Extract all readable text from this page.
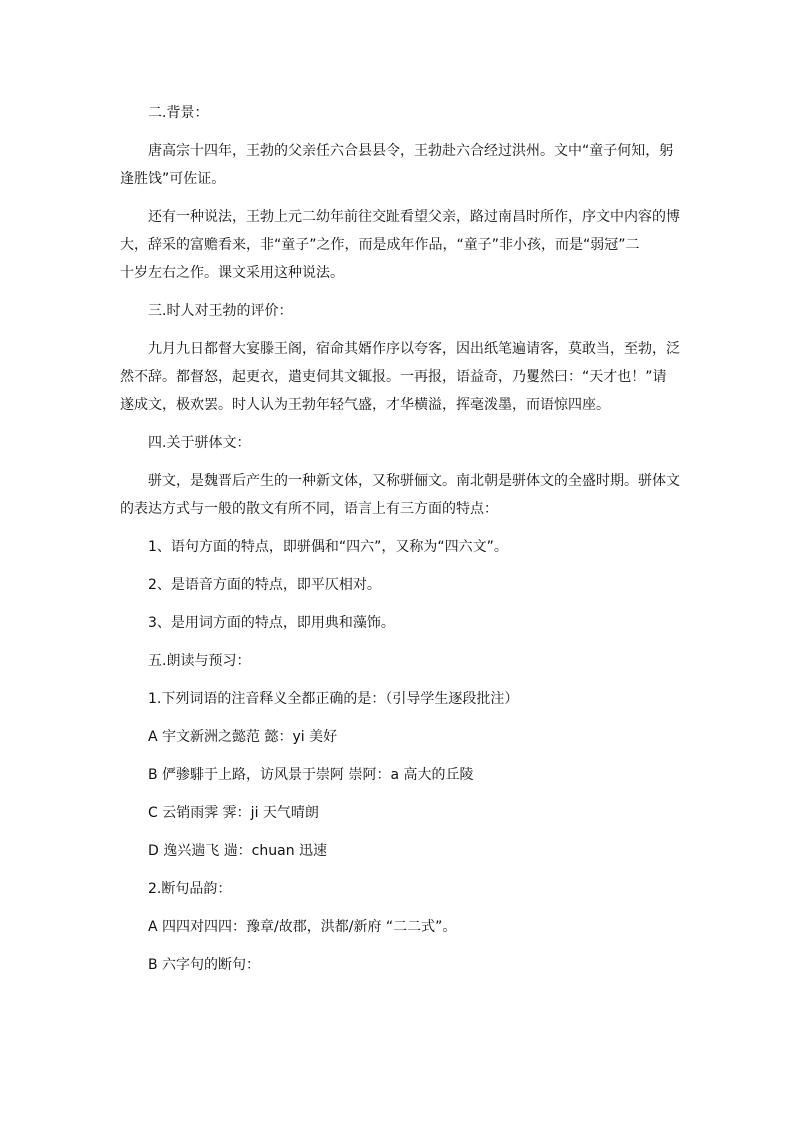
二.背景：
唐高宗十四年，王勃的父亲任六合县县令，王勃赴六合经过洪州。文中“童子何知，躬
逢胜饯”可佐证。
还有一种说法，王勃上元二幼年前往交趾看望父亲，路过南昌时所作，序文中内容的博
大，辞采的富赡看来，非“童子”之作，而是成年作品，“童子”非小孩，而是“弱冠”二
十岁左右之作。课文采用这种说法。
三.时人对王勃的评价：
九月九日都督大宴滕王阁，宿命其婿作序以夸客，因出纸笔遍请客，莫敢当，至勃，泛
然不辞。都督怒，起更衣，遣吏伺其文辄报。一再报，语益奇，乃矍然曰：“天才也！”请
遂成文，极欢罢。时人认为王勃年轻气盛，才华横溢，挥毫泼墨，而语惊四座。
四.关于骈体文：
骈文，是魏晋后产生的一种新文体，又称骈俪文。南北朝是骈体文的全盛时期。骈体文
的表达方式与一般的散文有所不同，语言上有三方面的特点：
1、语句方面的特点，即骈偶和“四六”，又称为“四六文”。
2、是语音方面的特点，即平仄相对。
3、是用词方面的特点，即用典和藻饰。
五.朗读与预习：
1.下列词语的注音释义全都正确的是：（引导学生逐段批注）
A 宇文新洲之懿范 懿：yi 美好
B 俨骖騑于上路，访风景于崇阿 崇阿：a 高大的丘陵
C 云销雨霁 霁：ji 天气晴朗
D 逸兴遄飞 遄：chuan 迅速
2.断句品韵：
A 四四对四四：豫章/故郡，洪都/新府 “二二式”。
B 六字句的断句：
